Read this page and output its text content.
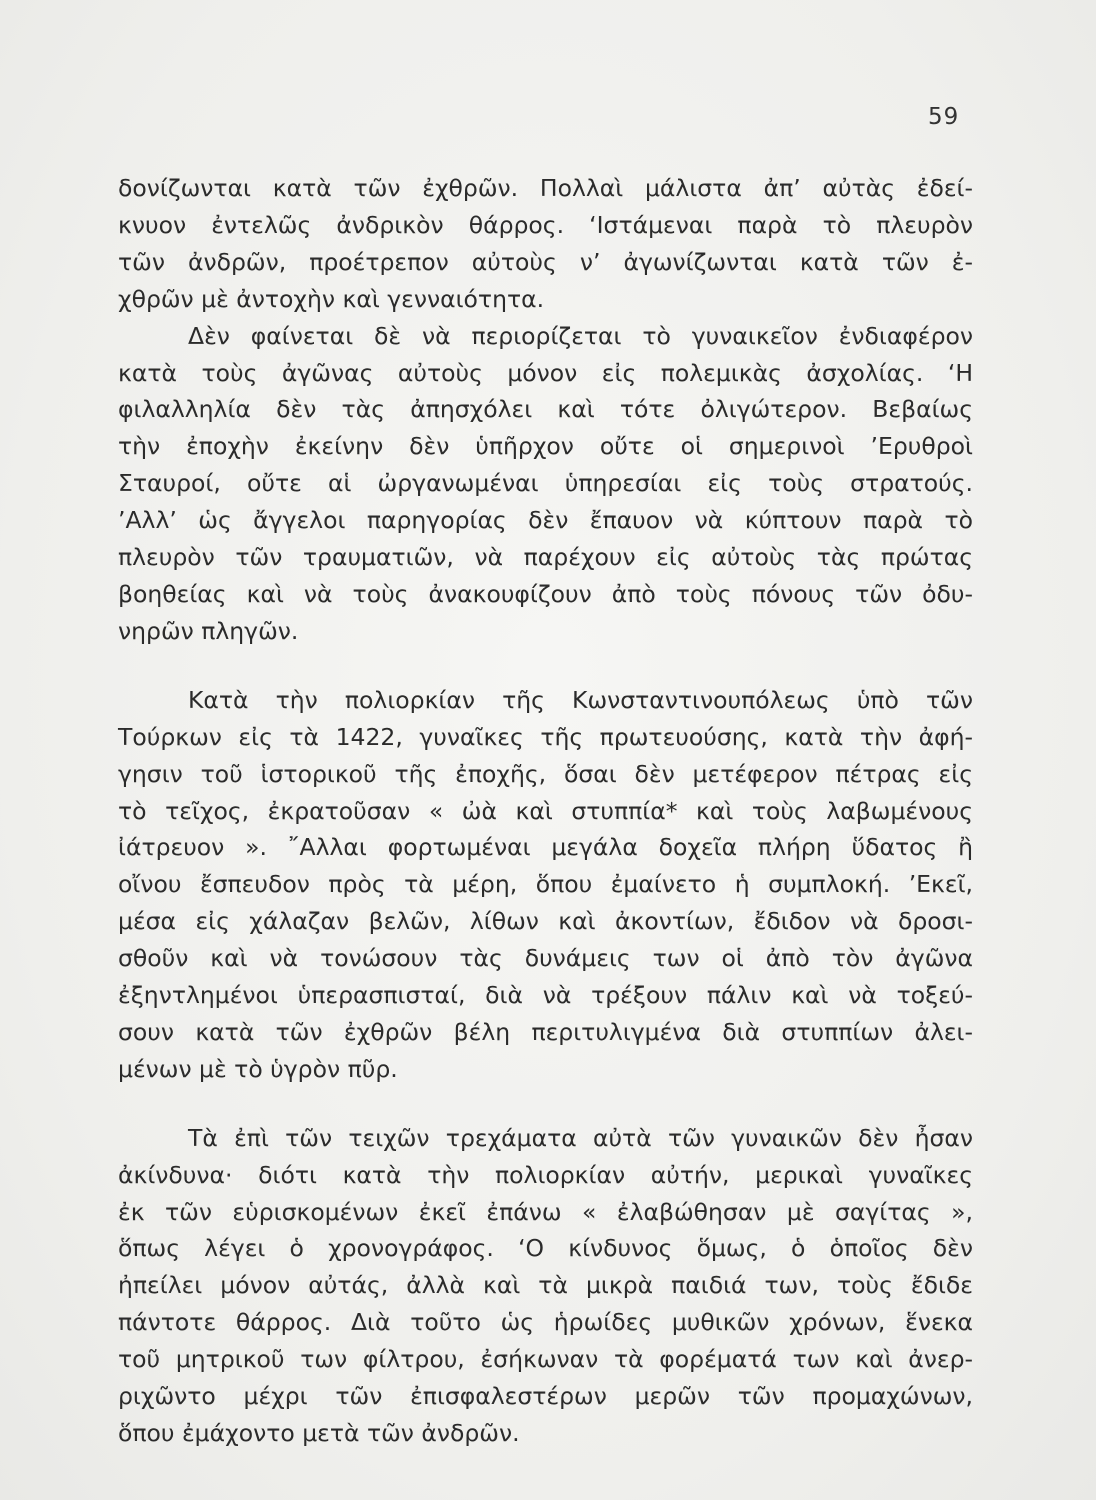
59

δονίζωνται κατὰ τῶν ἐχθρῶν. Πολλαὶ μάλιστα ἀπ’ αὐτὰς ἐδεί-
κνυον ἐντελῶς ἀνδρικὸν θάρρος. ‘Ιστάμεναι παρὰ τὸ πλευρὸν
τῶν ἀνδρῶν, προέτρεπον αὐτοὺς ν’ ἀγωνίζωνται κατὰ τῶν ἐ-
χθρῶν μὲ ἀντοχὴν καὶ γενναιότητα.

Δὲν φαίνεται δὲ νὰ περιορίζεται τὸ γυναικεῖον ἐνδιαφέρον
κατὰ τοὺς ἀγῶνας αὐτοὺς μόνον εἰς πολεμικὰς ἀσχολίας. ‘Η
φιλαλληλία δὲν τὰς ἀπησχόλει καὶ τότε ὀλιγώτερον. Βεβαίως
τὴν ἐποχὴν ἐκείνην δὲν ὑπῆρχον οὔτε οἱ σημερινοὶ ’Ερυθροὶ
Σταυροί, οὔτε αἱ ὠργανωμέναι ὑπηρεσίαι εἰς τοὺς στρατούς.
’Αλλ’ ὡς ἄγγελοι παρηγορίας δὲν ἔπαυον νὰ κύπτουν παρὰ τὸ
πλευρὸν τῶν τραυματιῶν, νὰ παρέχουν εἰς αὐτοὺς τὰς πρώτας
βοηθείας καὶ νὰ τοὺς ἀνακουφίζουν ἀπὸ τοὺς πόνους τῶν ὀδυ-
νηρῶν πληγῶν.

Κατὰ τὴν πολιορκίαν τῆς Κωνσταντινουπόλεως ὑπὸ τῶν
Τούρκων εἰς τὰ 1422, γυναῖκες τῆς πρωτευούσης, κατὰ τὴν ἀφή-
γησιν τοῦ ἱστορικοῦ τῆς ἐποχῆς, ὅσαι δὲν μετέφερον πέτρας εἰς
τὸ τεῖχος, ἐκρατοῦσαν « ὠὰ καὶ στυππία* καὶ τοὺς λαβωμένους
ἰάτρευον ». ῎Αλλαι φορτωμέναι μεγάλα δοχεῖα πλήρη ὕδατος ἢ
οἴνου ἔσπευδον πρὸς τὰ μέρη, ὅπου ἐμαίνετο ἡ συμπλοκή. ’Εκεῖ,
μέσα εἰς χάλαζαν βελῶν, λίθων καὶ ἀκοντίων, ἔδιδον νὰ δροσι-
σθοῦν καὶ νὰ τονώσουν τὰς δυνάμεις των οἱ ἀπὸ τὸν ἀγῶνα
ἐξηντλημένοι ὑπερασπισταί, διὰ νὰ τρέξουν πάλιν καὶ νὰ τοξεύ-
σουν κατὰ τῶν ἐχθρῶν βέλη περιτυλιγμένα διὰ στυππίων ἀλει-
μένων μὲ τὸ ὑγρὸν πῦρ.

Τὰ ἐπὶ τῶν τειχῶν τρεχάματα αὐτὰ τῶν γυναικῶν δὲν ἦσαν
ἀκίνδυνα· διότι κατὰ τὴν πολιορκίαν αὐτήν, μερικαὶ γυναῖκες
ἐκ τῶν εὑρισκομένων ἐκεῖ ἐπάνω « ἐλαβώθησαν μὲ σαγίτας »,
ὅπως λέγει ὁ χρονογράφος. ‘Ο κίνδυνος ὅμως, ὁ ὁποῖος δὲν
ἠπείλει μόνον αὐτάς, ἀλλὰ καὶ τὰ μικρὰ παιδιά των, τοὺς ἔδιδε
πάντοτε θάρρος. Διὰ τοῦτο ὡς ἡρωίδες μυθικῶν χρόνων, ἕνεκα
τοῦ μητρικοῦ των φίλτρου, ἐσήκωναν τὰ φορέματά των καὶ ἀνερ-
ριχῶντο μέχρι τῶν ἐπισφαλεστέρων μερῶν τῶν προμαχώνων,
ὅπου ἐμάχοντο μετὰ τῶν ἀνδρῶν.
